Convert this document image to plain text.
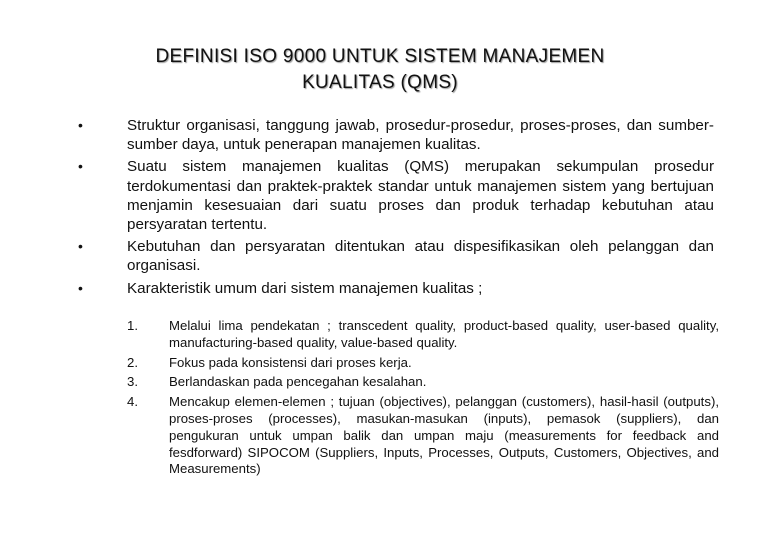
DEFINISI ISO 9000 UNTUK SISTEM MANAJEMEN
KUALITAS (QMS)
•	Struktur organisasi, tanggung jawab, prosedur-prosedur, proses-proses, dan sumber-sumber daya, untuk penerapan manajemen kualitas.
•	Suatu sistem manajemen kualitas (QMS) merupakan sekumpulan prosedur terdokumentasi dan praktek-praktek standar untuk manajemen sistem yang bertujuan menjamin kesesuaian dari suatu proses dan produk terhadap kebutuhan atau persyaratan tertentu.
•	Kebutuhan dan persyaratan ditentukan atau dispesifikasikan oleh pelanggan dan organisasi.
•	Karakteristik umum dari sistem manajemen kualitas ;
1. Melalui lima pendekatan ; transcedent quality, product-based quality, user-based quality, manufacturing-based quality, value-based quality.
2. Fokus pada konsistensi dari proses kerja.
3. Berlandaskan pada pencegahan kesalahan.
4. Mencakup elemen-elemen ; tujuan (objectives), pelanggan (customers), hasil-hasil (outputs), proses-proses (processes), masukan-masukan (inputs), pemasok (suppliers), dan pengukuran untuk umpan balik dan umpan maju (measurements for feedback and fesdforward) SIPOCOM (Suppliers, Inputs, Processes, Outputs, Customers, Objectives, and Measurements)
